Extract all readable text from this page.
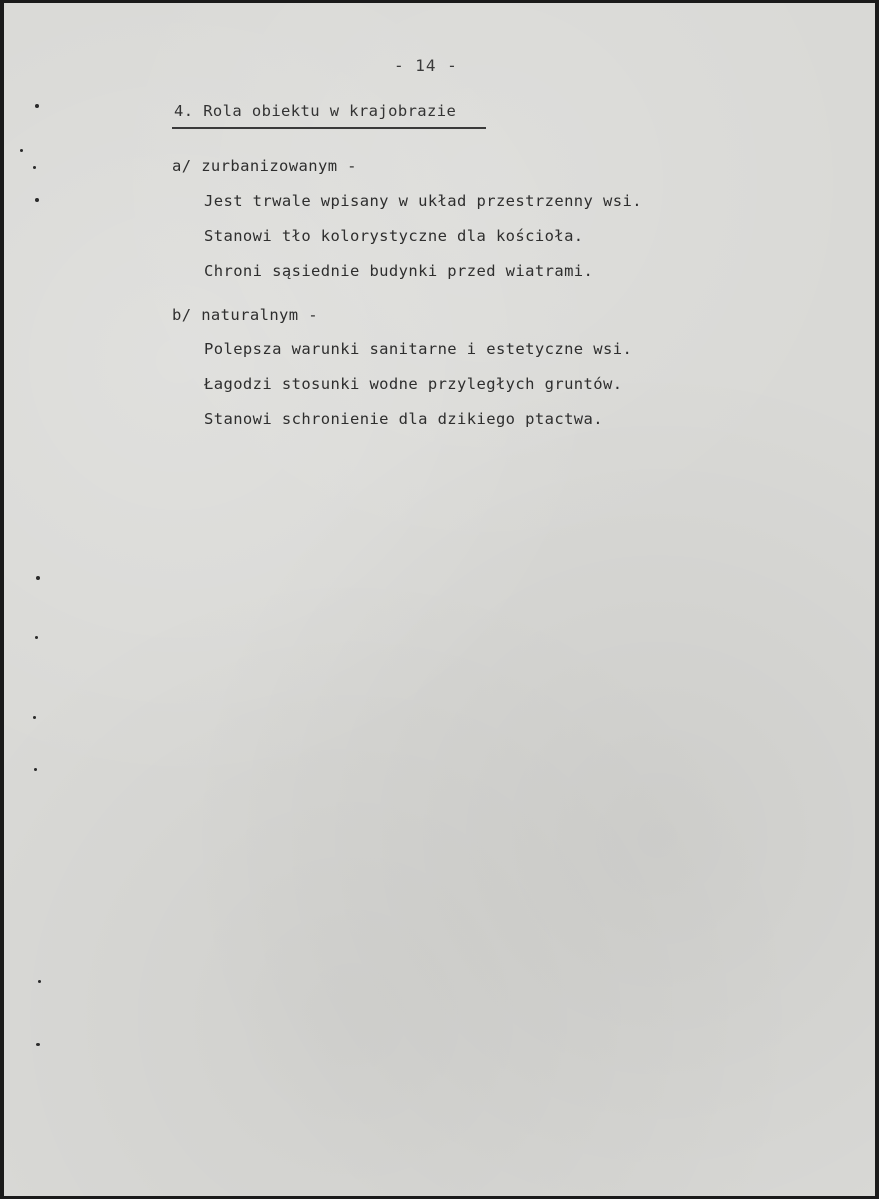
- 14 -
4. Rola obiektu w krajobrazie
a/ zurbanizowanym -
Jest trwale wpisany w układ przestrzenny wsi.
Stanowi tło kolorystyczne dla kościoła.
Chroni sąsiednie budynki przed wiatrami.
b/ naturalnym -
Polepsza warunki sanitarne i estetyczne wsi.
Łagodzi stosunki wodne przyległych gruntów.
Stanowi schronienie dla dzikiego ptactwa.
